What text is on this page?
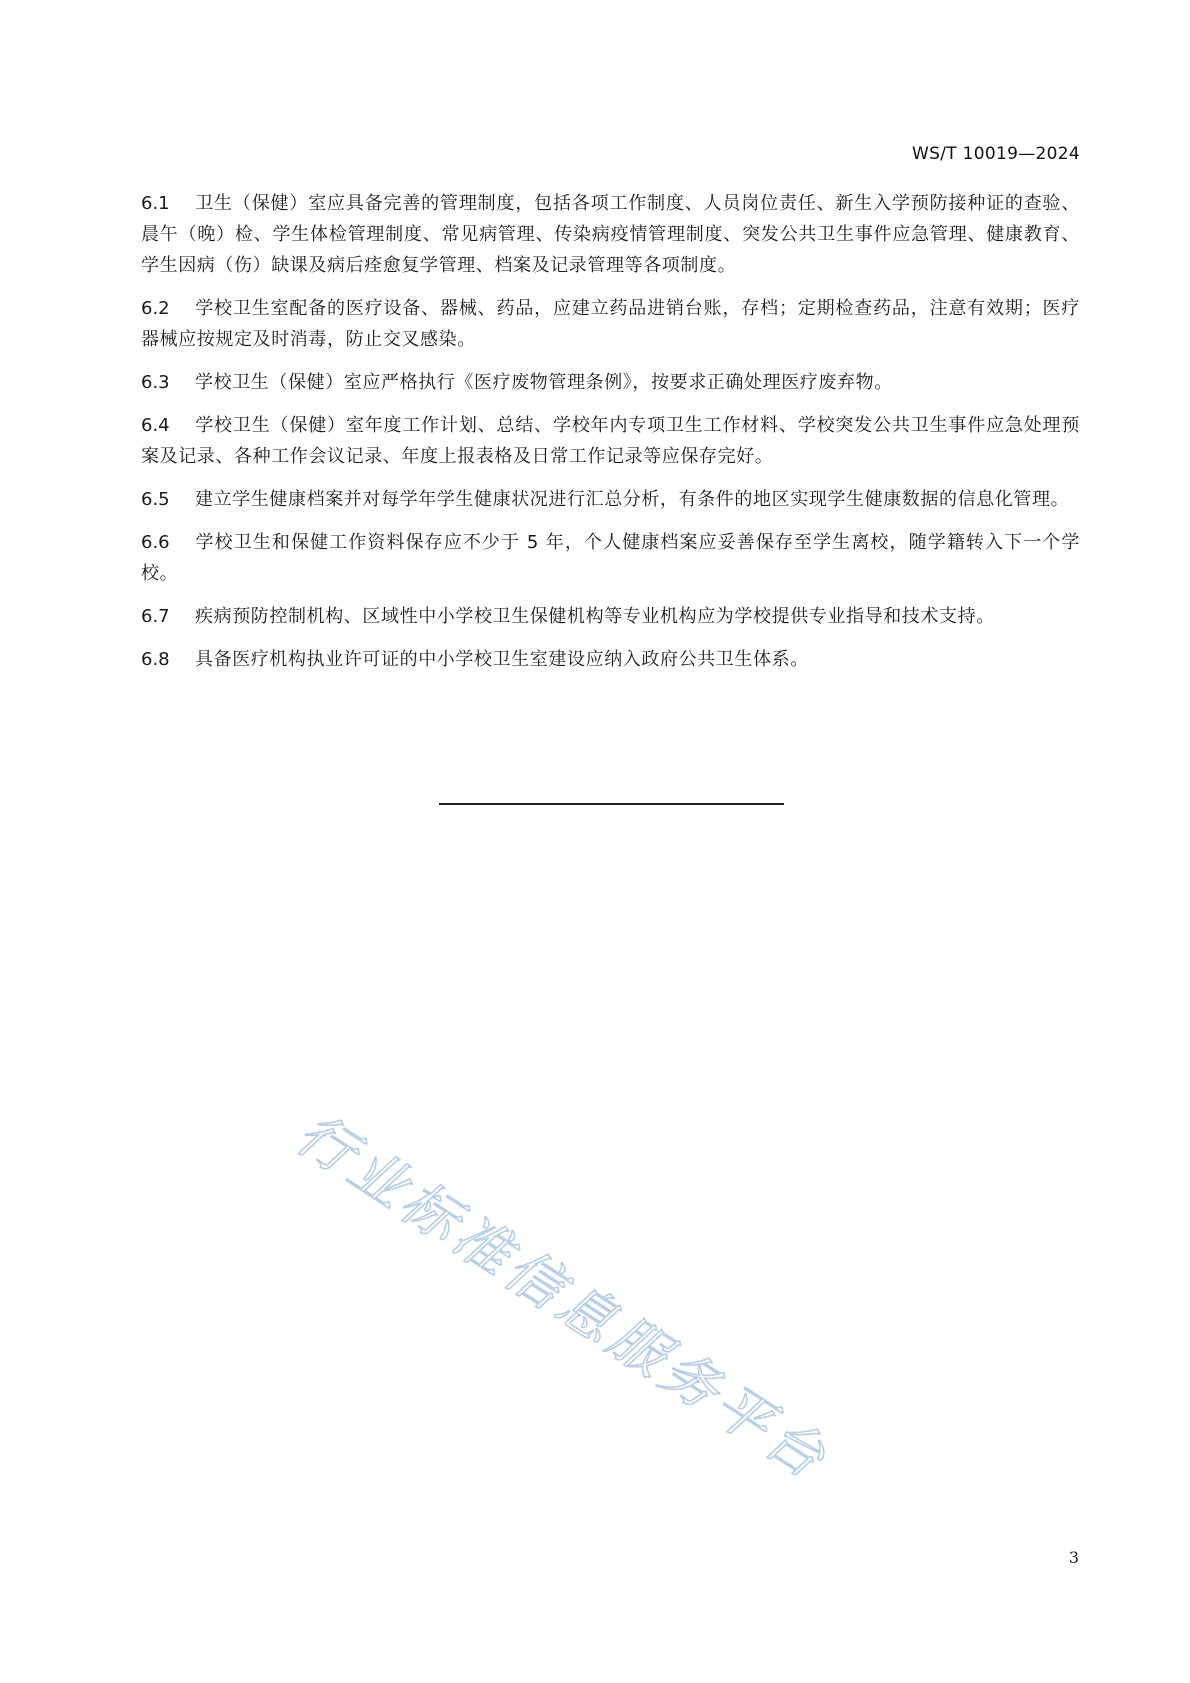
WS/T 10019—2024

6.1 卫生（保健）室应具备完善的管理制度，包括各项工作制度、人员岗位责任、新生入学预防接种证的查验、晨午（晚）检、学生体检管理制度、常见病管理、传染病疫情管理制度、突发公共卫生事件应急管理、健康教育、学生因病（伤）缺课及病后痊愈复学管理、档案及记录管理等各项制度。

6.2 学校卫生室配备的医疗设备、器械、药品，应建立药品进销台账，存档；定期检查药品，注意有效期；医疗器械应按规定及时消毒，防止交叉感染。

6.3 学校卫生（保健）室应严格执行《医疗废物管理条例》，按要求正确处理医疗废弃物。

6.4 学校卫生（保健）室年度工作计划、总结、学校年内专项卫生工作材料、学校突发公共卫生事件应急处理预案及记录、各种工作会议记录、年度上报表格及日常工作记录等应保存完好。

6.5 建立学生健康档案并对每学年学生健康状况进行汇总分析，有条件的地区实现学生健康数据的信息化管理。

6.6 学校卫生和保健工作资料保存应不少于 5 年，个人健康档案应妥善保存至学生离校，随学籍转入下一个学校。

6.7 疾病预防控制机构、区域性中小学校卫生保健机构等专业机构应为学校提供专业指导和技术支持。

6.8 具备医疗机构执业许可证的中小学校卫生室建设应纳入政府公共卫生体系。

行业标准信息服务平台
3
